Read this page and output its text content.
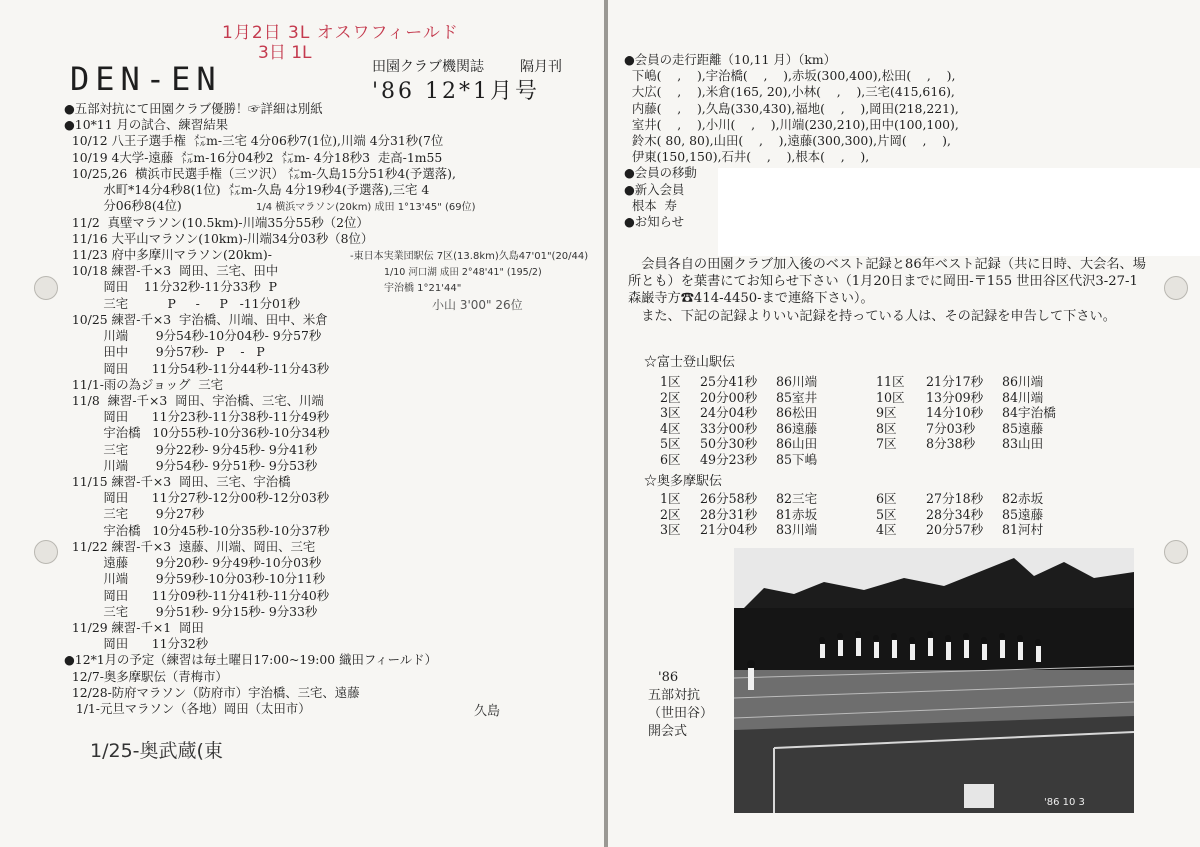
1月2日 3L オスワフィールド
3日 1L
DEN-EN	田園クラブ機関誌	隔月刊
'86 12*1月号
●五部対抗にて田園クラブ優勝！☞詳細は別紙
●10*11 月の試合、練習結果
10/12 八王子選手権  ㍍m-三宅 4分06秒7(1位),川端 4分31秒(7位
10/19 4大学-遠藤  ㍍m-16分04秒2  ㍍m- 4分18秒3  走高-1m55
10/25,26  横浜市民選手権（三ツ沢） ㍍m-久島15分51秒4(予選落),
水町*14分4秒8(1位)  ㍍m-久島 4分19秒4(予選落),三宅 4
分06秒8(4位)
11/2  真壁マラソン(10.5km)-川端35分55秒（2位）
11/16 大平山マラソン(10km)-川端34分03秒（8位）
11/23 府中多摩川マラソン(20km)-
10/18 練習-千×3  岡田、三宅、田中
岡田    11分32秒-11分33秒  P
三宅          P     -     P   -11分01秒
10/25 練習-千×3  宇治橋、川端、田中、米倉
川端       9分54秒-10分04秒- 9分57秒
田中       9分57秒-  P    -   P
岡田      11分54秒-11分44秒-11分43秒
11/1-雨の為ジョッグ  三宅
11/8  練習-千×3  岡田、宇治橋、三宅、川端
岡田      11分23秒-11分38秒-11分49秒
宇治橋   10分55秒-10分36秒-10分34秒
三宅       9分22秒- 9分45秒- 9分41秒
川端       9分54秒- 9分51秒- 9分53秒
11/15 練習-千×3  岡田、三宅、宇治橋
岡田      11分27秒-12分00秒-12分03秒
三宅       9分27秒
宇治橋   10分45秒-10分35秒-10分37秒
11/22 練習-千×3  遠藤、川端、岡田、三宅
遠藤       9分20秒- 9分49秒-10分03秒
川端       9分59秒-10分03秒-10分11秒
岡田      11分09秒-11分41秒-11分40秒
三宅       9分51秒- 9分15秒- 9分33秒
11/29 練習-千×1  岡田
岡田      11分32秒
●12*1月の予定（練習は毎土曜日17:00~19:00 織田フィールド）
12/7-奥多摩駅伝（青梅市）
12/28-防府マラソン（防府市）宇治橋、三宅、遠藤
1/1-元旦マラソン（各地）岡田（太田市）
1/4 横浜マラソン(20km) 成田 1°13'45" (69位)
-東日本実業団駅伝 7区(13.8km)久島47'01"(20/44)
1/10 河口湖 成田 2°48'41" (195/2)
宇治橋 1°21'44"
小山 3'00" 26位
久島
1/25-奥武蔵(東
●会員の走行距離（10,11 月）（km）
下嶋(    ,    ),宇治橋(    ,    ),赤坂(300,400),松田(    ,    ),
大広(    ,    ),米倉(165, 20),小林(    ,    ),三宅(415,616),
内藤(    ,    ),久島(330,430),福地(    ,    ),岡田(218,221),
室井(    ,    ),小川(    ,    ),川端(230,210),田中(100,100),
鈴木( 80, 80),山田(    ,    ),遠藤(300,300),片岡(    ,    ),
伊東(150,150),石井(    ,    ),根本(    ,    ),
●会員の移動
●新入会員
根本  寿
●お知らせ

会員各自の田園クラブ加入後のベスト記録と86年ベスト記録（共に日時、大会名、場所とも）を葉書にてお知らせ下さい（1月20日までに岡田-〒155 世田谷区代沢3-27-1森巌寺方☎414-4450-まで連絡下さい）。

また、下記の記録よりいい記録を持っている人は、その記録を申告して下さい。

☆富士登山駅伝
1区 25分41秒 86川端	11区 21分17秒 86川端
2区 20分00秒 85室井	10区 13分09秒 84川端
3区 24分04秒 86松田	9区 14分10秒 84宇治橋
4区 33分00秒 86遠藤	8区 7分03秒 85遠藤
5区 50分30秒 86山田	7区 8分38秒 83山田
6区 49分23秒 85下嶋
☆奥多摩駅伝
1区 26分58秒 82三宅	6区 27分18秒 82赤坂
2区 28分31秒 81赤坂	5区 28分34秒 85遠藤
3区 21分04秒 83川端	4区 20分57秒 81河村
'86
五部対抗
（世田谷）
開会式
'86 10 3
